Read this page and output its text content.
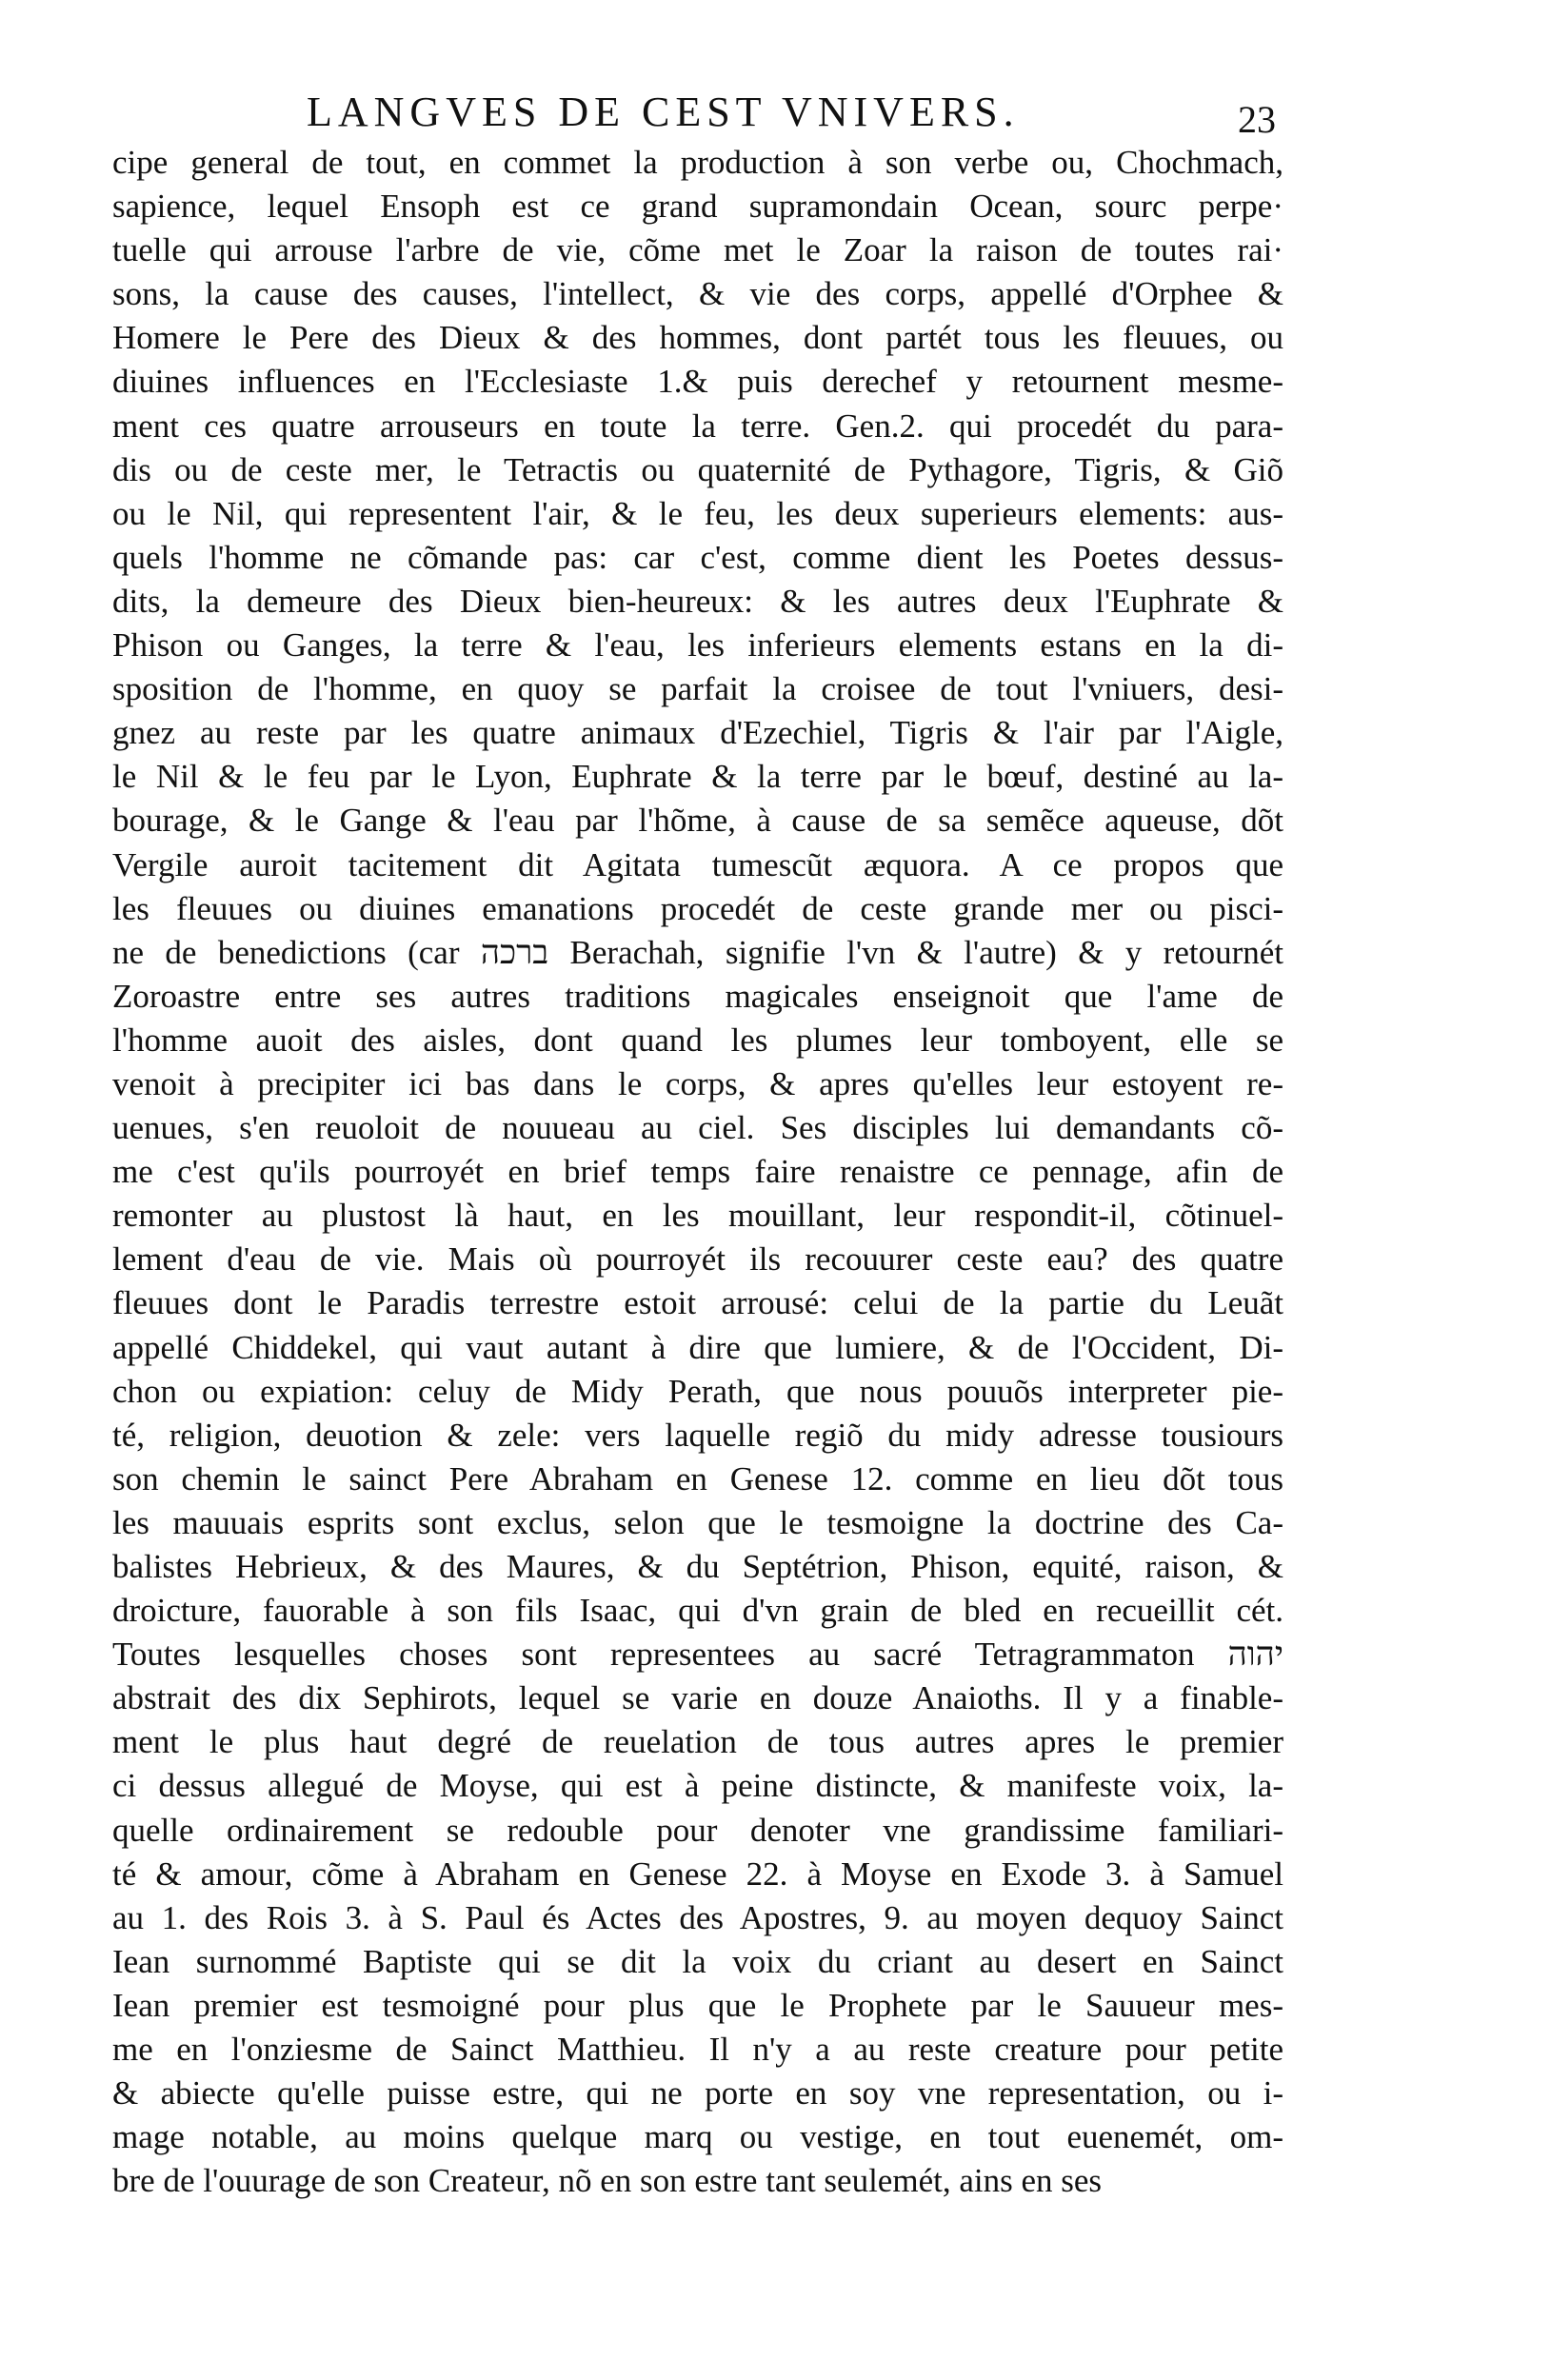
LANGVES DE CEST VNIVERS.	23
cipe general de tout, en commet la production à son verbe ou, Chochmach,
sapience, lequel Ensoph est ce grand supramondain Ocean, sourc perpe·
tuelle qui arrouse l'arbre de vie, cõme met le Zoar la raison de toutes rai·
sons, la cause des causes, l'intellect, & vie des corps, appellé d'Orphee &
Homere le Pere des Dieux & des hommes, dont partét tous les fleuues, ou
diuines influences en l'Ecclesiaste 1.& puis derechef y retournent mesme-
ment ces quatre arrouseurs en toute la terre. Gen.2. qui procedét du para-
dis ou de ceste mer, le Tetractis ou quaternité de Pythagore, Tigris, & Giõ
ou le Nil, qui representent l'air, & le feu, les deux superieurs elements: aus-
quels l'homme ne cõmande pas: car c'est, comme dient les Poetes dessus-
dits, la demeure des Dieux bien-heureux: & les autres deux l'Euphrate &
Phison ou Ganges, la terre & l'eau, les inferieurs elements estans en la di-
sposition de l'homme, en quoy se parfait la croisee de tout l'vniuers, desi-
gnez au reste par les quatre animaux d'Ezechiel, Tigris & l'air par l'Aigle,
le Nil & le feu par le Lyon, Euphrate & la terre par le bœuf, destiné au la-
bourage, & le Gange & l'eau par l'hõme, à cause de sa semẽce aqueuse, dõt
Vergile auroit tacitement dit Agitata tumescũt æquora. A ce propos que
les fleuues ou diuines emanations procedét de ceste grande mer ou pisci-
ne de benedictions (car ברכה Berachah, signifie l'vn & l'autre) & y retournét
Zoroastre entre ses autres traditions magicales enseignoit que l'ame de
l'homme auoit des aisles, dont quand les plumes leur tomboyent, elle se
venoit à precipiter ici bas dans le corps, & apres qu'elles leur estoyent re-
uenues, s'en reuoloit de nouueau au ciel. Ses disciples lui demandants cõ-
me c'est qu'ils pourroyét en brief temps faire renaistre ce pennage, afin de
remonter au plustost là haut, en les mouillant, leur respondit-il, cõtinuel-
lement d'eau de vie. Mais où pourroyét ils recouurer ceste eau? des quatre
fleuues dont le Paradis terrestre estoit arrousé: celui de la partie du Leuãt
appellé Chiddekel, qui vaut autant à dire que lumiere, & de l'Occident, Di-
chon ou expiation: celuy de Midy Perath, que nous pouuõs interpreter pie-
té, religion, deuotion & zele: vers laquelle regiõ du midy adresse tousiours
son chemin le sainct Pere Abraham en Genese 12. comme en lieu dõt tous
les mauuais esprits sont exclus, selon que le tesmoigne la doctrine des Ca-
balistes Hebrieux, & des Maures, & du Septétrion, Phison, equité, raison, &
droicture, fauorable à son fils Isaac, qui d'vn grain de bled en recueillit cét.
Toutes lesquelles choses sont representees au sacré Tetragrammaton יהוה
abstrait des dix Sephirots, lequel se varie en douze Anaioths. Il y a finable-
ment le plus haut degré de reuelation de tous autres apres le premier
ci dessus allegué de Moyse, qui est à peine distincte, & manifeste voix, la-
quelle ordinairement se redouble pour denoter vne grandissime familiari-
té & amour, cõme à Abraham en Genese 22. à Moyse en Exode 3. à Samuel
au 1. des Rois 3. à S. Paul és Actes des Apostres, 9. au moyen dequoy Sainct
Iean surnommé Baptiste qui se dit la voix du criant au desert en Sainct
Iean premier est tesmoigné pour plus que le Prophete par le Sauueur mes-
me en l'onziesme de Sainct Matthieu. Il n'y a au reste creature pour petite
& abiecte qu'elle puisse estre, qui ne porte en soy vne representation, ou i-
mage notable, au moins quelque marq ou vestige, en tout euenemét, om-
bre de l'ouurage de son Createur, nõ en son estre tant seulemét, ains en ses
